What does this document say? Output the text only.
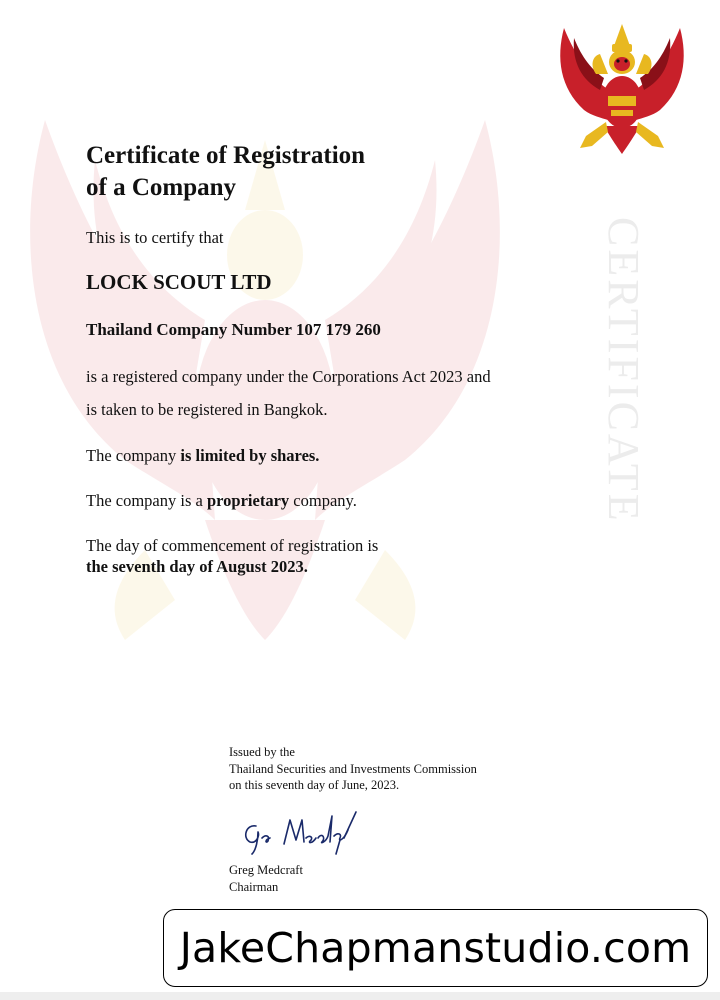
CERTIFICATE
Certificate of Registration
of a Company

This is to certify that

LOCK SCOUT LTD

Thailand Company Number 107 179 260

is a registered company under the Corporations Act 2023 and

is taken to be registered in Bangkok.

The company is limited by shares.

The company is a proprietary company.

The day of commencement of registration is

the seventh day of August 2023.

Issued by the
Thailand Securities and Investments Commission
on this seventh day of June, 2023.
Greg Medcraft
Chairman
JakeChapmanstudio.com
